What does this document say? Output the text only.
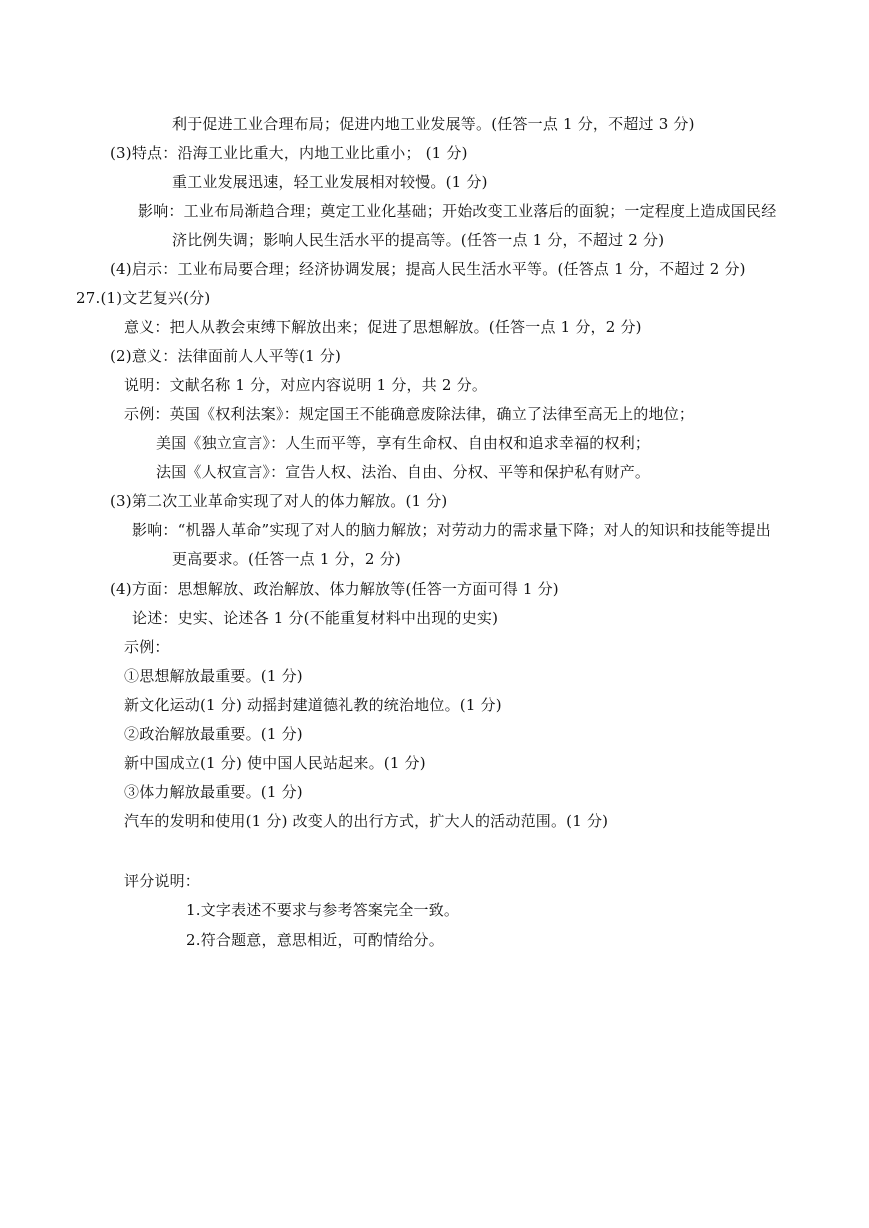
利于促进工业合理布局；促进内地工业发展等。(任答一点 1 分，不超过 3 分)
(3)特点：沿海工业比重大，内地工业比重小； (1 分)
重工业发展迅速，轻工业发展相对较慢。(1 分)
影响：工业布局渐趋合理；奠定工业化基础；开始改变工业落后的面貌；一定程度上造成国民经
济比例失调；影响人民生活水平的提高等。(任答一点 1 分，不超过 2 分)
(4)启示：工业布局要合理；经济协调发展；提高人民生活水平等。(任答点 1 分，不超过 2 分)
27.(1)文艺复兴(分)
意义：把人从教会束缚下解放出来；促进了思想解放。(任答一点 1 分，2 分)
(2)意义：法律面前人人平等(1 分)
说明：文献名称 1 分，对应内容说明 1 分，共 2 分。
示例：英国《权利法案》：规定国王不能确意废除法律，确立了法律至高无上的地位；
美国《独立宣言》：人生而平等，享有生命权、自由权和追求幸福的权利；
法国《人权宣言》：宣告人权、法治、自由、分权、平等和保护私有财产。
(3)第二次工业革命实现了对人的体力解放。(1 分)
影响：“机器人革命”实现了对人的脑力解放；对劳动力的需求量下降；对人的知识和技能等提出
更高要求。(任答一点 1 分，2 分)
(4)方面：思想解放、政治解放、体力解放等(任答一方面可得 1 分)
论述：史实、论述各 1 分(不能重复材料中出现的史实)
示例：
①思想解放最重要。(1 分)
新文化运动(1 分) 动摇封建道德礼教的统治地位。(1 分)
②政治解放最重要。(1 分)
新中国成立(1 分) 使中国人民站起来。(1 分)
③体力解放最重要。(1 分)
汽车的发明和使用(1 分) 改变人的出行方式，扩大人的活动范围。(1 分)
评分说明：
1.文字表述不要求与参考答案完全一致。
2.符合题意，意思相近，可酌情给分。
